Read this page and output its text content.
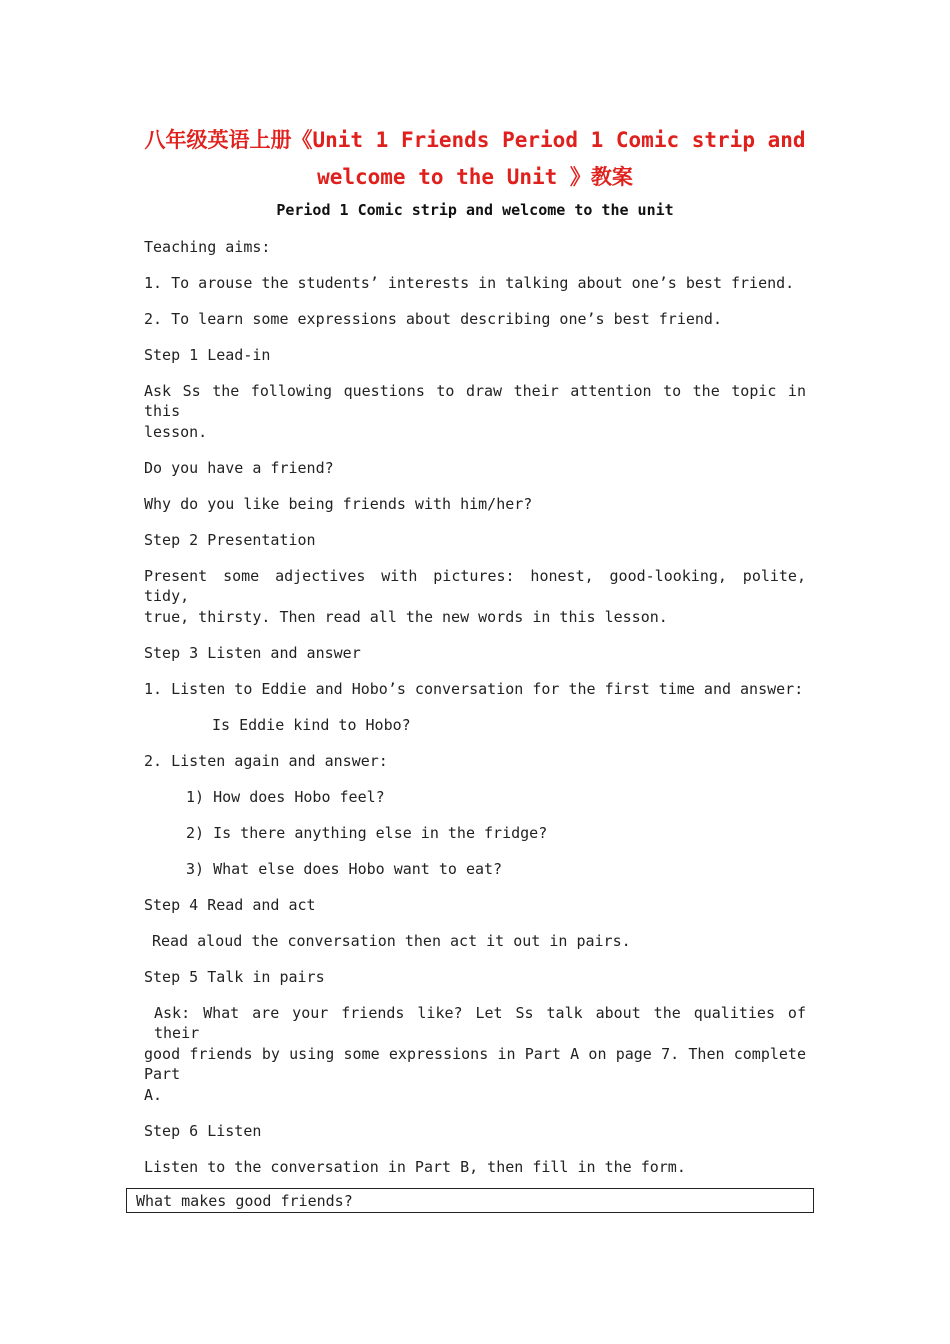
八年级英语上册《Unit 1 Friends Period 1 Comic strip and
welcome to the Unit 》教案
Period 1 Comic strip and welcome to the unit
Teaching aims:
1. To arouse the students’ interests in talking about one’s best friend.
2. To learn some expressions about describing one’s best friend.
Step 1 Lead-in
Ask Ss the following questions to draw their attention to the topic in this
lesson.
Do you have a friend?
Why do you like being friends with him/her?
Step 2 Presentation
Present some adjectives with pictures: honest, good-looking, polite, tidy,
true, thirsty. Then read all the new words in this lesson.
Step 3 Listen and answer
1. Listen to Eddie and Hobo’s conversation for the first time and answer:
Is Eddie kind to Hobo?
2. Listen again and answer:
1) How does Hobo feel?
2) Is there anything else in the fridge?
3) What else does Hobo want to eat?
Step 4 Read and act
Read aloud the conversation then act it out in pairs.
Step 5 Talk in pairs
Ask: What are your friends like? Let Ss talk about the qualities of their
good friends by using some expressions in Part A on page 7. Then complete Part
A.
Step 6 Listen
Listen to the conversation in Part B, then fill in the form.
What makes good friends?
